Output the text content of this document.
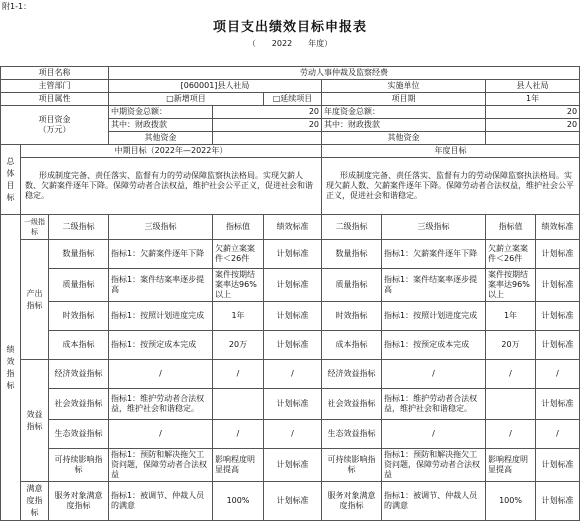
附1-1：
项目支出绩效目标申报表
（　　2022　　年度）
项目名称			劳动人事仲裁及监察经费						
主管部门			[060001]县人社局			实施单位		县人社局	
项目属性			□新增项目		□延续项目	项目期		1年	
项目资金
（万元）			中期资金总额：	20		年度资金总额：		20	
			其中：财政拨款	20		其中：财政拨款		20	
			其他资金			其他资金			
总体目标	中期目标（2022年—2022年）					年度目标			
	形成制度完备、责任落实、监督有力的劳动保障监察执法格局。实现欠薪人数、欠薪案件逐年下降。保障劳动者合法权益，维护社会公平正义，促进社会和谐稳定。					形成制度完备、责任落实、监督有力的劳动保障监察执法格局。实现欠薪人数、欠薪案件逐年下降。保障劳动者合法权益，维护社会公平正义，促进社会和谐稳定。			
绩效指标	一级指标	二级指标	三级指标	指标值	绩效标准	二级指标	三级指标	指标值	绩效标准
	产出指标	数量指标	指标1：欠薪案件逐年下降	欠薪立案案件＜26件	计划标准	数量指标	指标1：欠薪案件逐年下降	欠薪立案案件＜26件	计划标准
		质量指标	指标1：案件结案率逐步提高	案件按期结案率达96%以上	计划标准	质量指标	指标1：案件结案率逐步提高	案件按期结案率达96%以上	计划标准
		时效指标	指标1：按照计划进度完成	1年	计划标准	时效指标	指标1：按照计划进度完成	1年	计划标准
		成本指标	指标1：按预定成本完成	20万	计划标准	成本指标	指标1：按预定成本完成	20万	计划标准
	效益指标	经济效益指标	/	/	/	经济效益指标	/	/	/
		社会效益指标	指标1：维护劳动者合法权益，维护社会和谐稳定。		计划标准	社会效益指标	指标1：维护劳动者合法权益，维护社会和谐稳定。		计划标准
		生态效益指标	/	/	/	生态效益指标	/	/	/
		可持续影响指标	指标1：预防和解决拖欠工资问题，保障劳动者合法权益	影响程度明显提高	计划标准	可持续影响指标	指标1：预防和解决拖欠工资问题，保障劳动者合法权益	影响程度明显提高	计划标准
	满意度指标	服务对象满意度指标	指标1：被调节、仲裁人员的满意	100%	计划标准	服务对象满意度指标	指标1：被调节、仲裁人员的满意	100%	计划标准
